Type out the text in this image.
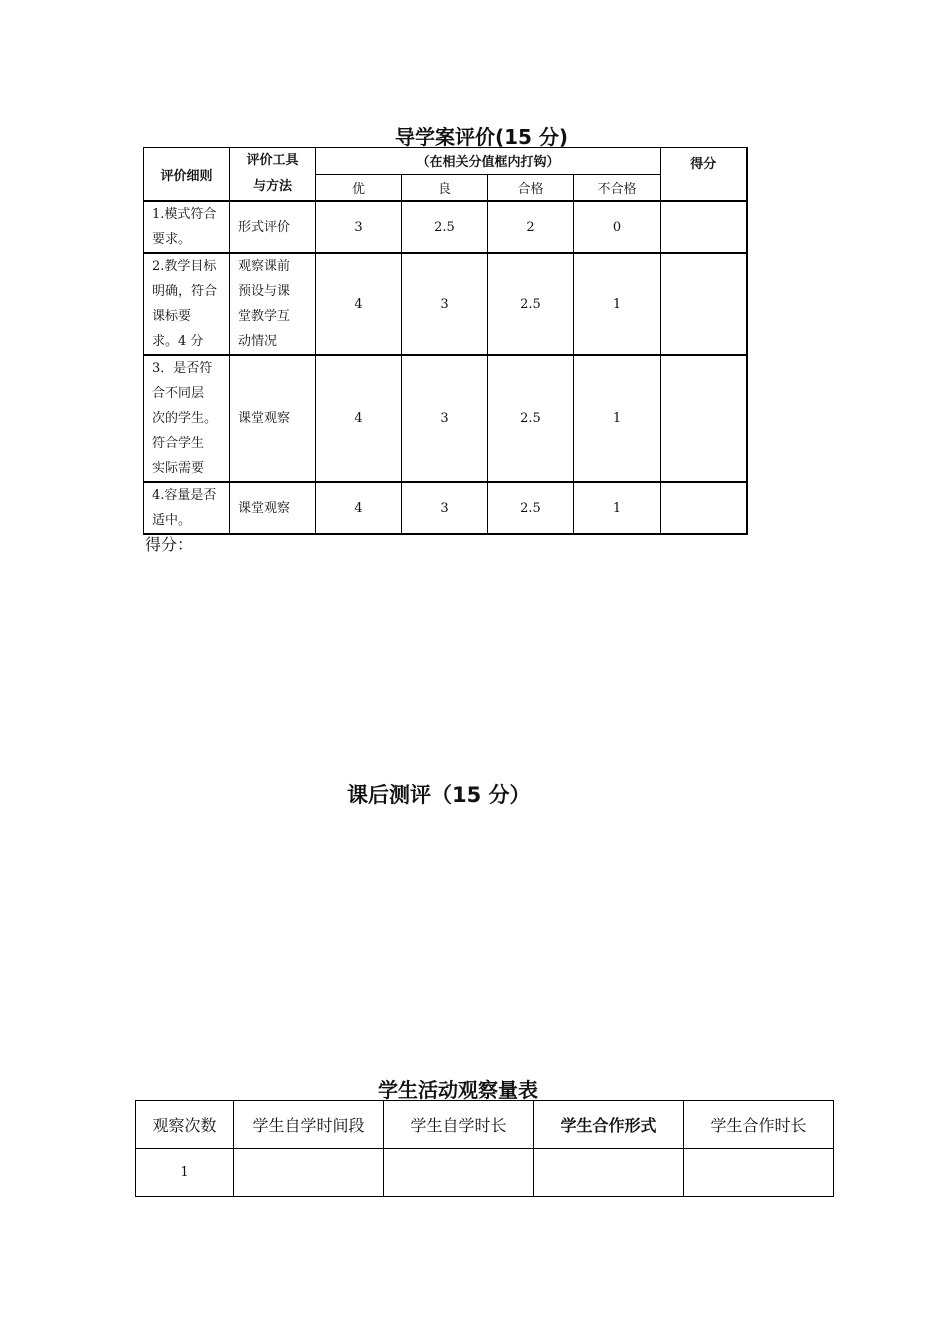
导学案评价(15 分)
评价细则	评价工具
与方法	（在相关分值框内打钩）				得分
		优	良	合格	不合格	

1.模式符合
要求。	形式评价	3	2.5	2	0	

2.教学目标
明确，符合
课标要
求。4 分	观察课前
预设与课
堂教学互
动情况	4	3	2.5	1	

3．是否符
合不同层
次的学生。
符合学生
实际需要	课堂观察	4	3	2.5	1	

4.容量是否
适中。	课堂观察	4	3	2.5	1	
得分：
课后测评（15 分）
学生活动观察量表
观察次数	学生自学时间段	学生自学时长	学生合作形式	学生合作时长
1				
